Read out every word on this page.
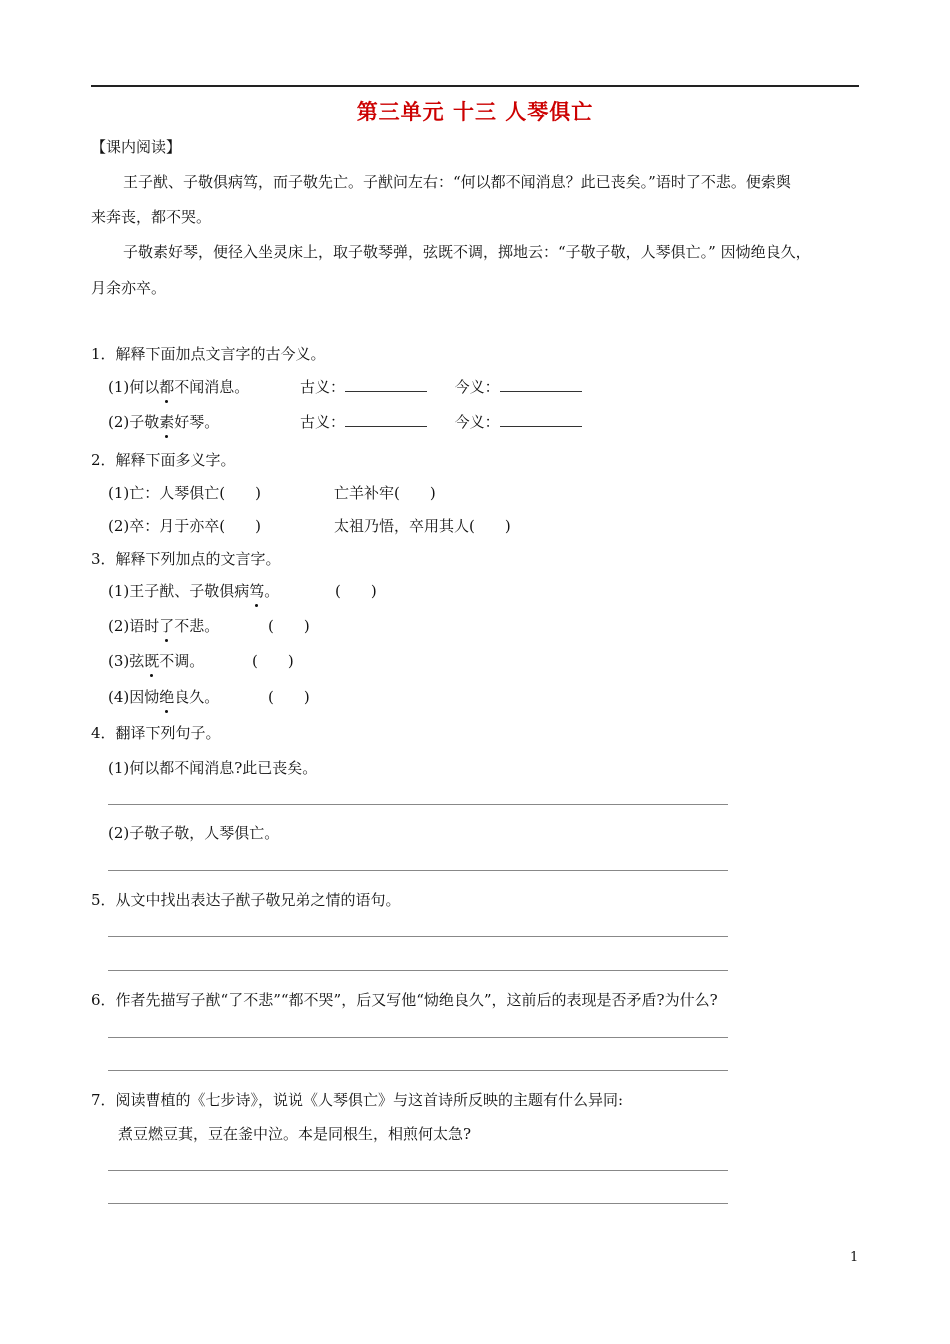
第三单元 十三 人琴俱亡
【课内阅读】
王子猷、子敬俱病笃，而子敬先亡。子猷问左右：“何以都不闻消息？此已丧矣。”语时了不悲。便索舆
来奔丧，都不哭。
子敬素好琴，便径入坐灵床上，取子敬琴弹，弦既不调，掷地云：“子敬子敬，人琴俱亡。” 因恸绝良久，
月余亦卒。
1．解释下面加点文言字的古今义。
(1)何以都不闻消息。	古义：	今义：
(2)子敬素好琴。	古义：	今义：
2．解释下面多义字。
(1)亡：人琴俱亡(　　)	亡羊补牢(　　)
(2)卒：月于亦卒(　　)	太祖乃悟，卒用其人(　　)
3．解释下列加点的文言字。
(1)王子猷、子敬俱病笃。	(　　)
(2)语时了不悲。	(　　)
(3)弦既不调。	(　　)
(4)因恸绝良久。	(　　)
4．翻译下列句子。
(1)何以都不闻消息?此已丧矣。
(2)子敬子敬，人琴俱亡。
5．从文中找出表达子猷子敬兄弟之情的语句。
6．作者先描写子猷“了不悲”“都不哭”，后又写他“恸绝良久”，这前后的表现是否矛盾?为什么?
7．阅读曹植的《七步诗》，说说《人琴俱亡》与这首诗所反映的主题有什么异同:
煮豆燃豆萁，豆在釜中泣。本是同根生，相煎何太急?
1
